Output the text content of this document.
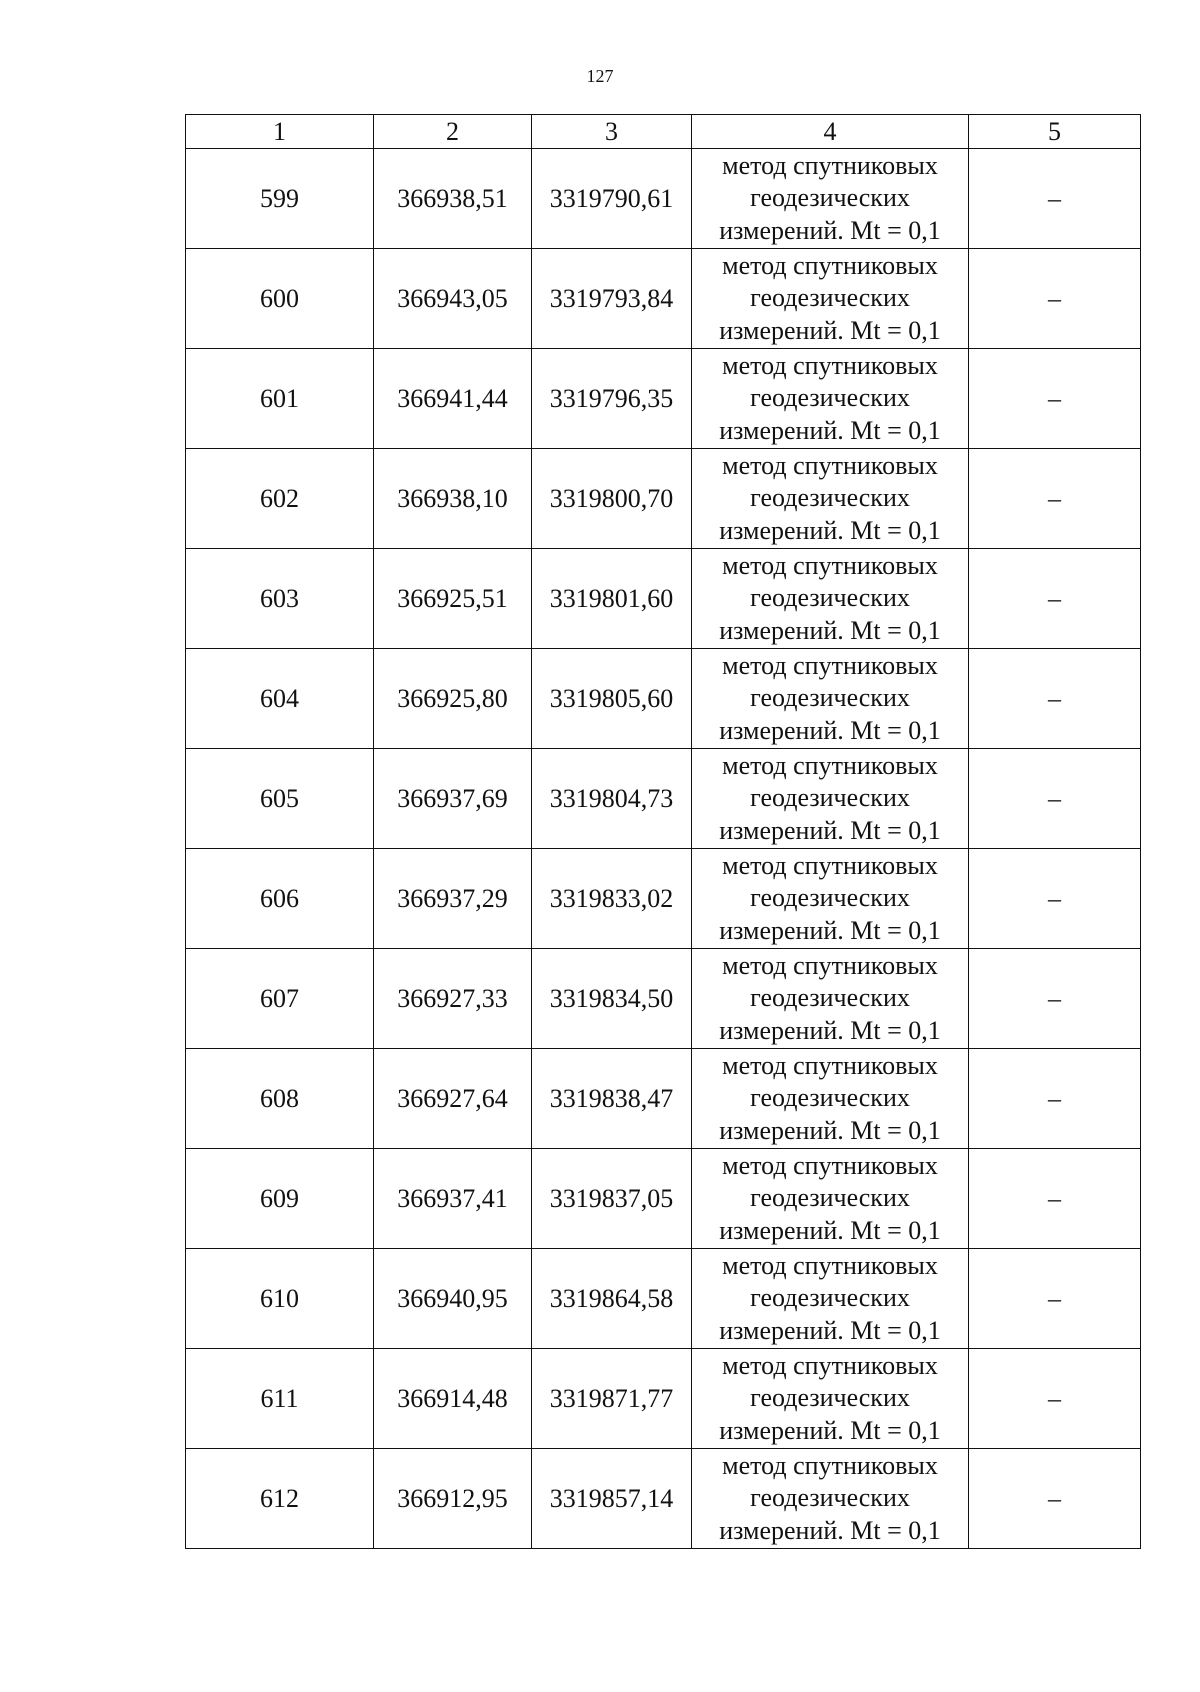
127
1	2	3	4	5
599	366938,51	3319790,61	метод спутниковых
геодезических
измерений. Mt = 0,1	–
600	366943,05	3319793,84	метод спутниковых
геодезических
измерений. Mt = 0,1	–
601	366941,44	3319796,35	метод спутниковых
геодезических
измерений. Mt = 0,1	–
602	366938,10	3319800,70	метод спутниковых
геодезических
измерений. Mt = 0,1	–
603	366925,51	3319801,60	метод спутниковых
геодезических
измерений. Mt = 0,1	–
604	366925,80	3319805,60	метод спутниковых
геодезических
измерений. Mt = 0,1	–
605	366937,69	3319804,73	метод спутниковых
геодезических
измерений. Mt = 0,1	–
606	366937,29	3319833,02	метод спутниковых
геодезических
измерений. Mt = 0,1	–
607	366927,33	3319834,50	метод спутниковых
геодезических
измерений. Mt = 0,1	–
608	366927,64	3319838,47	метод спутниковых
геодезических
измерений. Mt = 0,1	–
609	366937,41	3319837,05	метод спутниковых
геодезических
измерений. Mt = 0,1	–
610	366940,95	3319864,58	метод спутниковых
геодезических
измерений. Mt = 0,1	–
611	366914,48	3319871,77	метод спутниковых
геодезических
измерений. Mt = 0,1	–
612	366912,95	3319857,14	метод спутниковых
геодезических
измерений. Mt = 0,1	–
